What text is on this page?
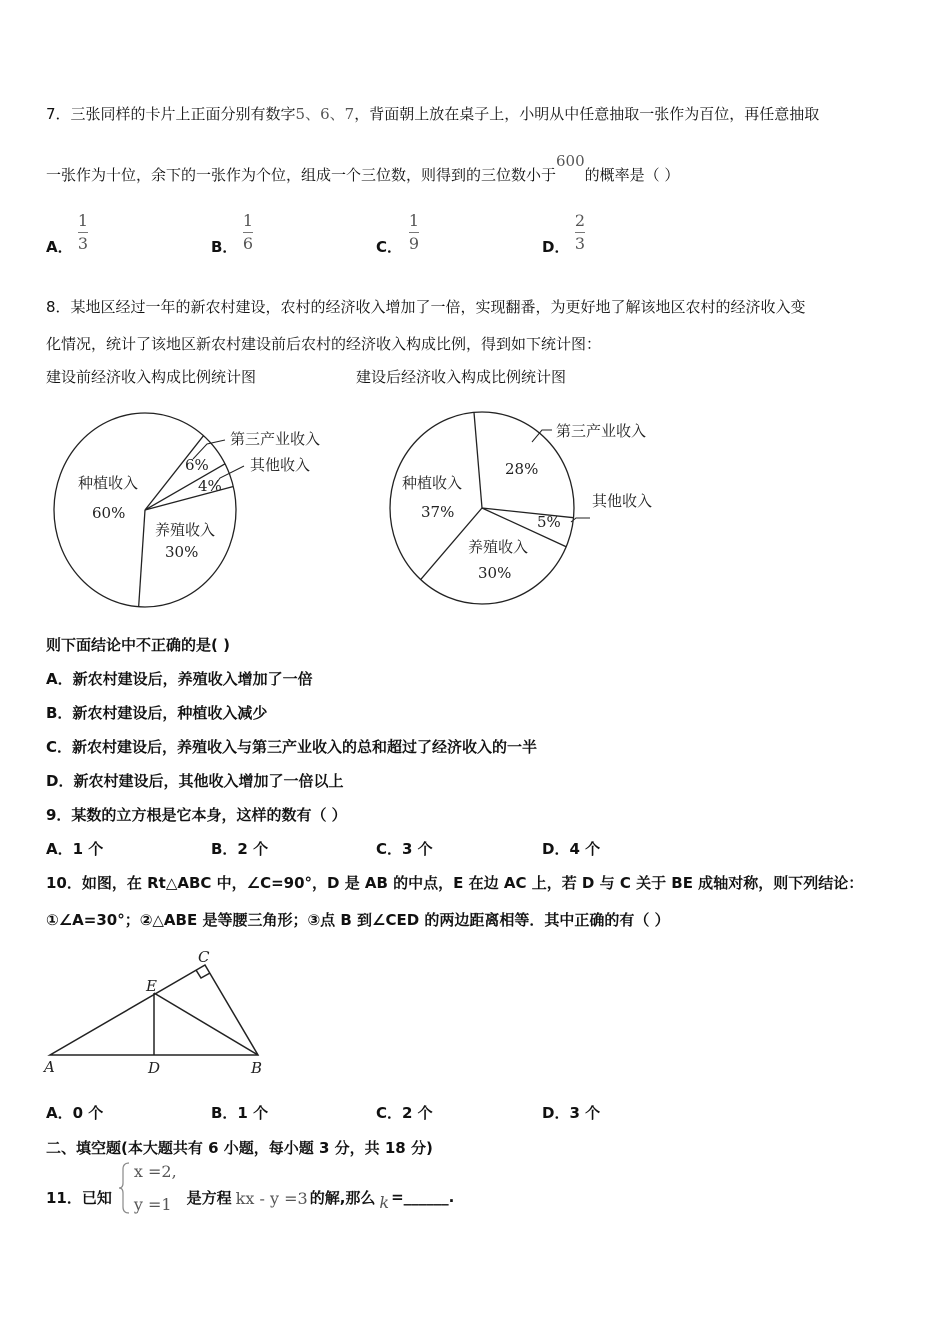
7．三张同样的卡片上正面分别有数字5、6、7，背面朝上放在桌子上，小明从中任意抽取一张作为百位，再任意抽取
一张作为十位，余下的一张作为个位，组成一个三位数，则得到的三位数小于600的概率是（ ）
A．
1
3	B．
1
6	C．
1
9	D．
2
3
8．某地区经过一年的新农村建设，农村的经济收入增加了一倍，实现翻番，为更好地了解该地区农村的经济收入变
化情况，统计了该地区新农村建设前后农村的经济收入构成比例，得到如下统计图：
建设前经济收入构成比例统计图	建设后经济收入构成比例统计图
养殖收入
30%
其他收入
4%
第三产业收入
6%
种植收入
60%
第三产业收入
28%
其他收入
5%
养殖收入
30%
种植收入
37%
则下面结论中不正确的是( )
A．新农村建设后，养殖收入增加了一倍
B．新农村建设后，种植收入减少
C．新农村建设后，养殖收入与第三产业收入的总和超过了经济收入的一半
D．新农村建设后，其他收入增加了一倍以上
9．某数的立方根是它本身，这样的数有（ ）
A．1 个	B．2 个	C．3 个	D．4 个
10．如图，在 Rt△ABC 中，∠C=90°，D 是 AB 的中点，E 在边 AC 上，若 D 与 C 关于 BE 成轴对称，则下列结论：
①∠A=30°；②△ABE 是等腰三角形；③点 B 到∠CED 的两边距离相等．其中正确的有（ ）
A	D	B
E
C
A．0 个	B．1 个	C．2 个	D．3 个
二、填空题(本大题共有 6 小题，每小题 3 分，共 18 分)
11．已知
x =2,
y =1	是方程 kx - y =3 的解,那么 k =______.
